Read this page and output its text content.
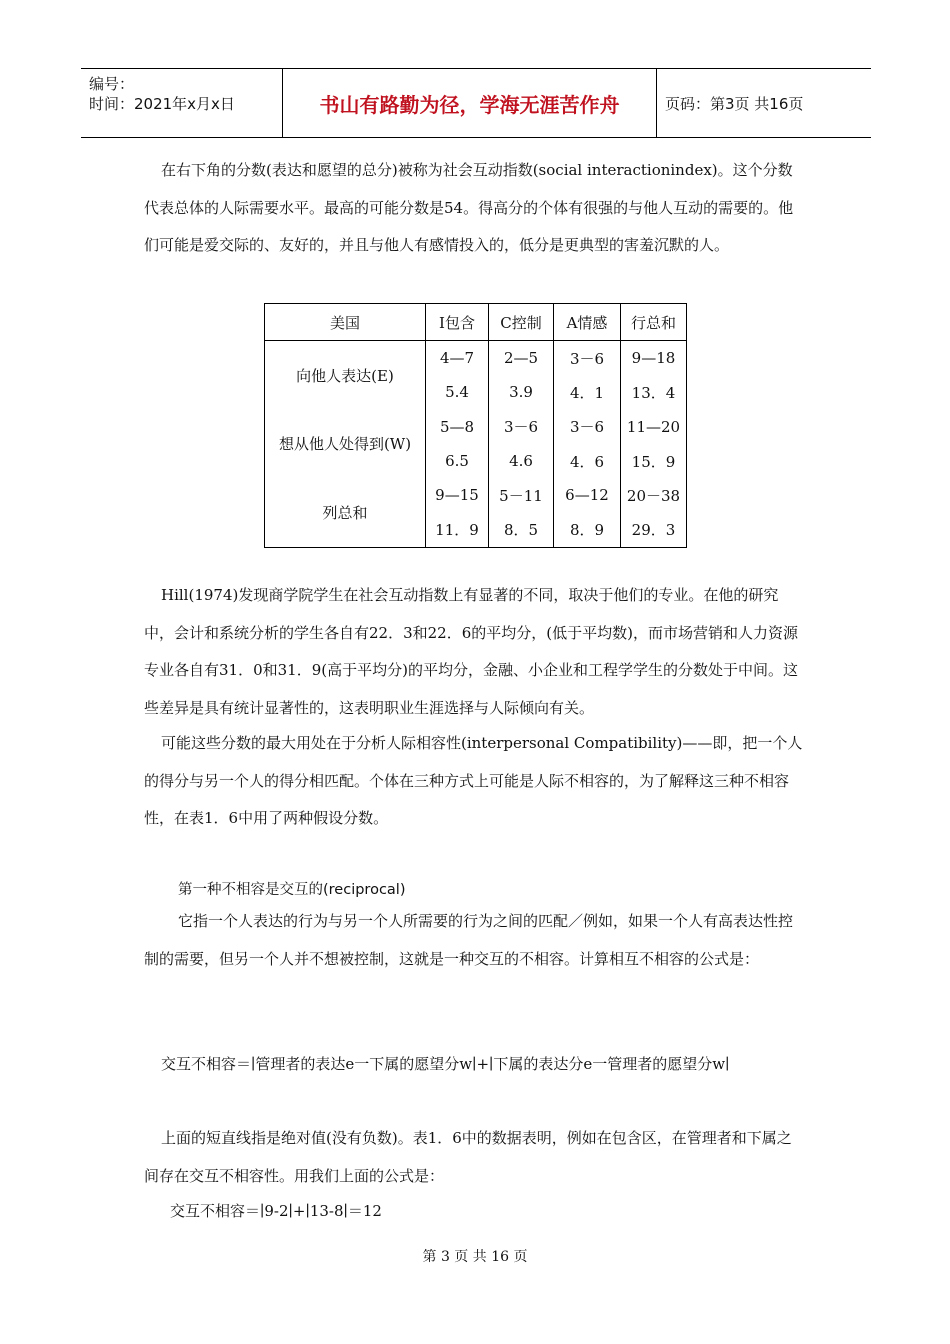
编号：
时间：2021年x月x日	书山有路勤为径，学海无涯苦作舟	页码：第3页 共16页

在右下角的分数(表达和愿望的总分)被称为社会互动指数(social interactionindex)。这个分数代表总体的人际需要水平。最高的可能分数是54。得高分的个体有很强的与他人互动的需要的。他们可能是爱交际的、友好的，并且与他人有感情投入的，低分是更典型的害羞沉默的人。

美国	I包含	C控制	A情感	行总和
向他人表达(E)	4—7	2—5	3－6	9—18
	5.4	3.9	4．1	13．4
想从他人处得到(W)	5—8	3－6	3－6	11—20
	6.5	4.6	4．6	15．9
列总和	9—15	5－11	6—12	20－38
	11．9	8．5	8．9	29．3

Hill(1974)发现商学院学生在社会互动指数上有显著的不同，取决于他们的专业。在他的研究中，会计和系统分析的学生各自有22．3和22．6的平均分，(低于平均数)，而市场营销和人力资源专业各自有31．0和31．9(高于平均分)的平均分，金融、小企业和工程学学生的分数处于中间。这些差异是具有统计显著性的，这表明职业生涯选择与人际倾向有关。

可能这些分数的最大用处在于分析人际相容性(interpersonal Compatibility)——即，把一个人的得分与另一个人的得分相匹配。个体在三种方式上可能是人际不相容的，为了解释这三种不相容性，在表1．6中用了两种假设分数。

第一种不相容是交互的(reciprocal)

它指一个人表达的行为与另一个人所需要的行为之间的匹配／例如，如果一个人有高表达性控制的需要，但另一个人并不想被控制，这就是一种交互的不相容。计算相互不相容的公式是：

交互不相容＝∣管理者的表达e一下属的愿望分w∣+∣下属的表达分e一管理者的愿望分w∣

上面的短直线指是绝对值(没有负数)。表1．6中的数据表明，例如在包含区，在管理者和下属之间存在交互不相容性。用我们上面的公式是：

交互不相容＝∣9-2∣+∣13-8∣＝12
第 3 页 共 16 页
